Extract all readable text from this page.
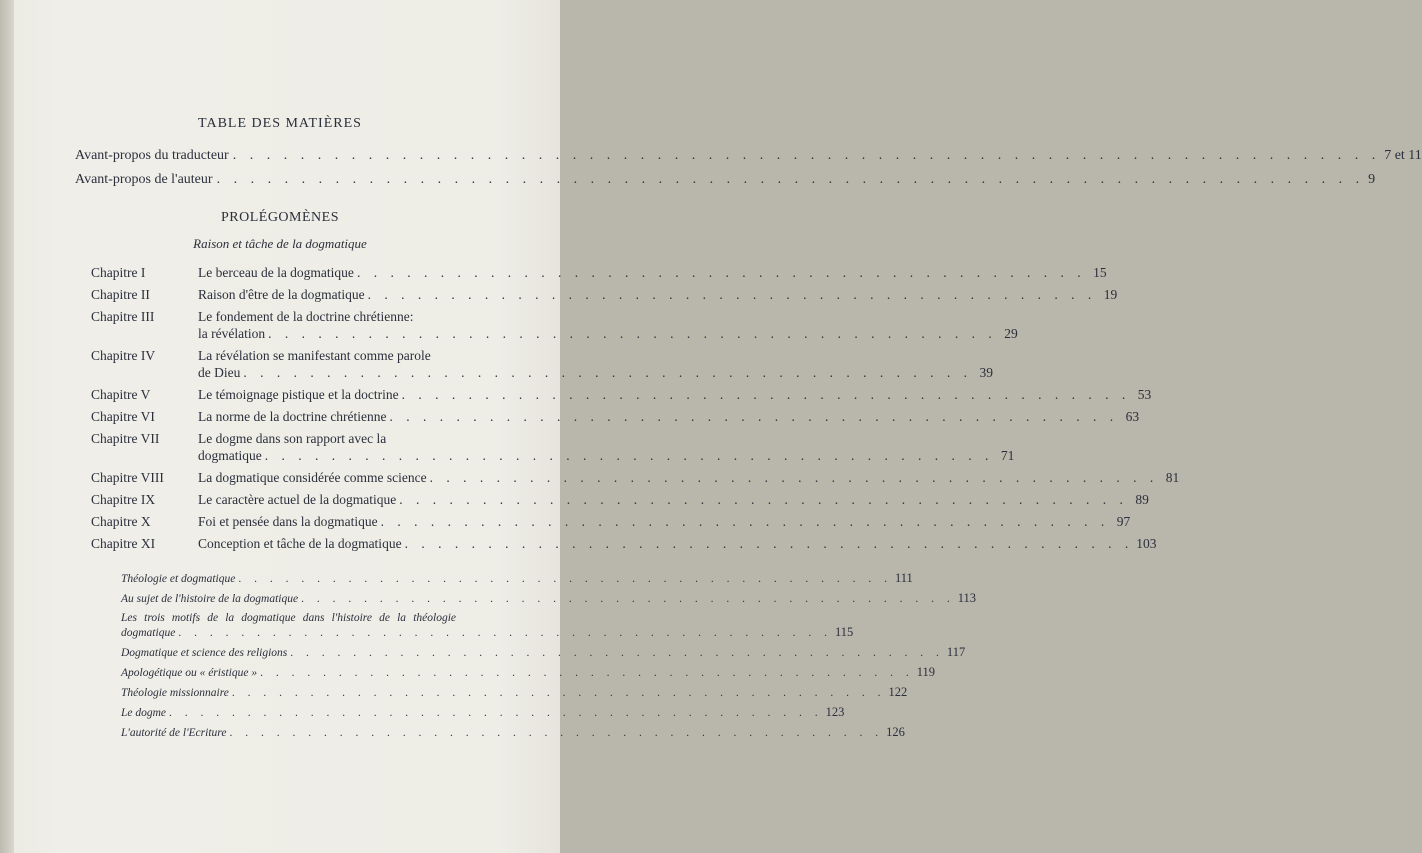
TABLE DES MATIÈRES
Avant-propos du traducteur . . .	7 et 11
Avant-propos de l'auteur . . .	9
PROLÉGOMÈNES
Raison et tâche de la dogmatique
Chapitre I	Le berceau de la dogmatique . . .	15
Chapitre II	Raison d'être de la dogmatique . . .	19
Chapitre III	Le fondement de la doctrine chrétienne:
la révélation . . .	29
Chapitre IV	La révélation se manifestant comme parole
de Dieu . . .	39
Chapitre V	Le témoignage pistique et la doctrine . . .	53
Chapitre VI	La norme de la doctrine chrétienne . . .	63
Chapitre VII	Le dogme dans son rapport avec la
dogmatique . . .	71
Chapitre VIII	La dogmatique considérée comme science . . .	81
Chapitre IX	Le caractère actuel de la dogmatique . . .	89
Chapitre X	Foi et pensée dans la dogmatique . . .	97
Chapitre XI	Conception et tâche de la dogmatique . . .	103
Théologie et dogmatique . . .	111
Au sujet de l'histoire de la dogmatique . . .	113
Les trois motifs de la dogmatique dans l'histoire de la théologie
dogmatique . . .	115
Dogmatique et science des religions . . .	117
Apologétique ou « éristique » . . .	119
Théologie missionnaire . . .	122
Le dogme . . .	123
L'autorité de l'Ecriture . . .	126
